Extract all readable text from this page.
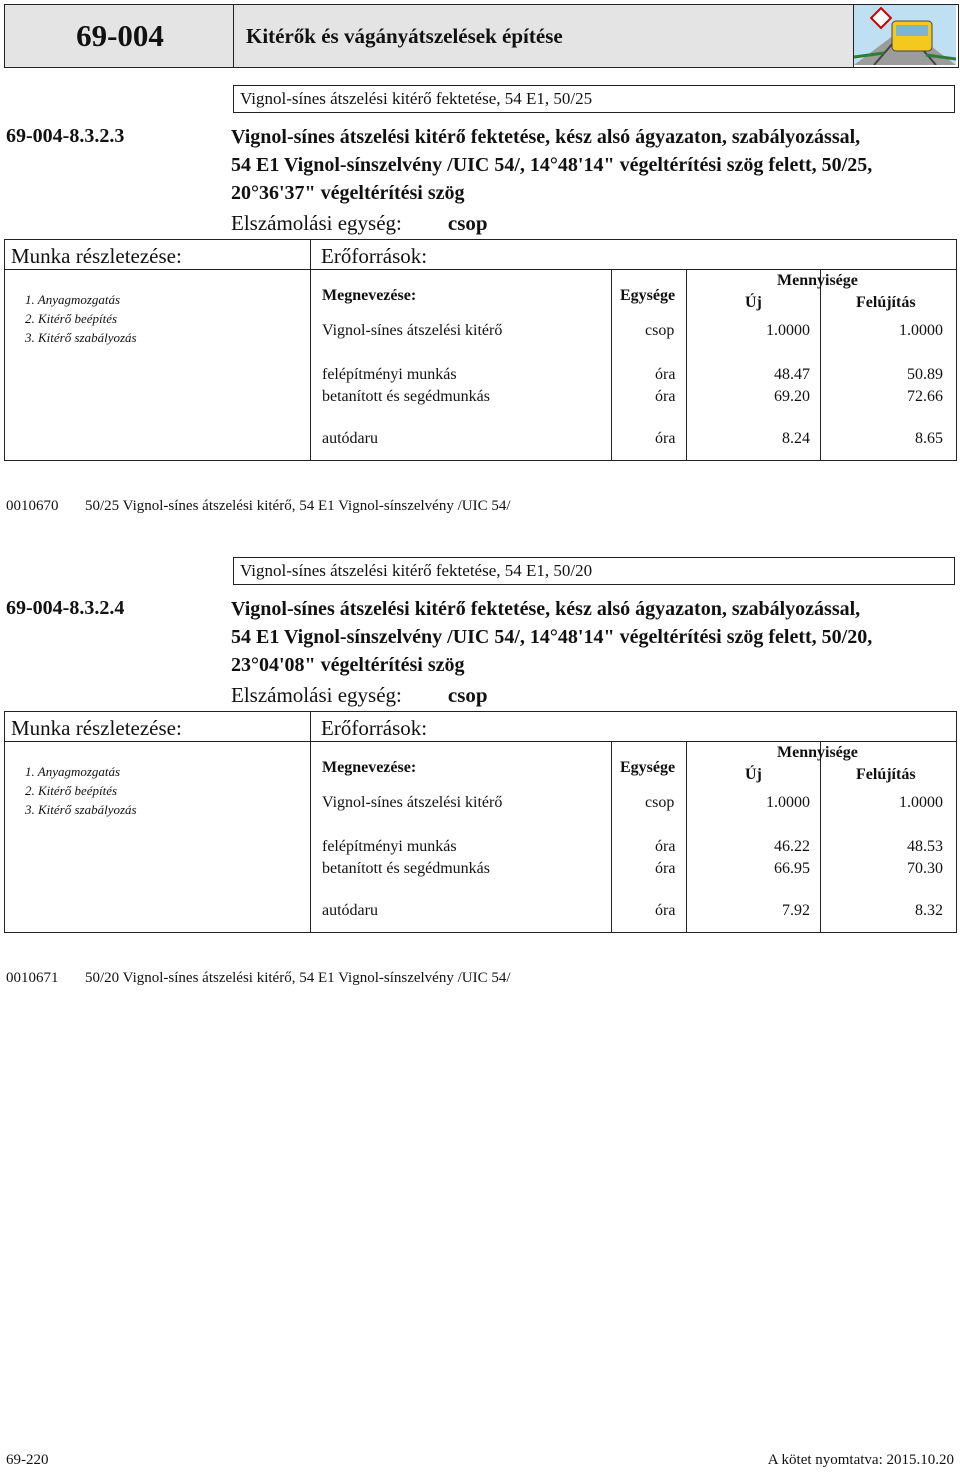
69-004	Kitérők és vágányátszelések építése
Vignol-sínes átszelési kitérő fektetése, 54 E1, 50/25
69-004-8.3.2.3	Vignol-sínes átszelési kitérő fektetése, kész alsó ágyazaton, szabályozással,
54 E1 Vignol-sínszelvény /UIC 54/, 14°48'14" végeltérítési szög felett, 50/25,
20°36'37" végeltérítési szög
Elszámolási egység: csop
Munka részletezése:
1. Anyagmozgatás
2. Kitérő beépítés
3. Kitérő szabályozás
Erőforrások:
Megnevezése:	Egysége
Mennyisége
Új	Felújítás
Vignol-sínes átszelési kitérő	csop	1.0000	1.0000
felépítményi munkás	óra	48.47	50.89
betanított és segédmunkás	óra	69.20	72.66
autódaru	óra	8.24	8.65
0010670 50/25 Vignol-sínes átszelési kitérő, 54 E1 Vignol-sínszelvény /UIC 54/
Vignol-sínes átszelési kitérő fektetése, 54 E1, 50/20
69-004-8.3.2.4	Vignol-sínes átszelési kitérő fektetése, kész alsó ágyazaton, szabályozással,
54 E1 Vignol-sínszelvény /UIC 54/, 14°48'14" végeltérítési szög felett, 50/20,
23°04'08" végeltérítési szög
Elszámolási egység: csop
Munka részletezése:
1. Anyagmozgatás
2. Kitérő beépítés
3. Kitérő szabályozás
Erőforrások:
Megnevezése:	Egysége
Mennyisége
Új	Felújítás
Vignol-sínes átszelési kitérő	csop	1.0000	1.0000
felépítményi munkás	óra	46.22	48.53
betanított és segédmunkás	óra	66.95	70.30
autódaru	óra	7.92	8.32
0010671 50/20 Vignol-sínes átszelési kitérő, 54 E1 Vignol-sínszelvény /UIC 54/
69-220	A kötet nyomtatva: 2015.10.20
